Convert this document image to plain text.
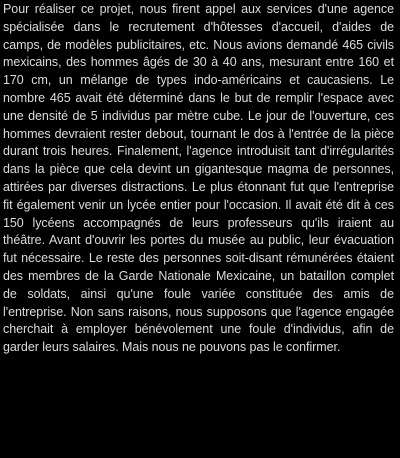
Pour réaliser ce projet, nous firent appel aux services d'une agence spécialisée dans le recrutement d'hôtesses d'accueil, d'aides de camps, de modèles publicitaires, etc. Nous avions demandé 465 civils mexicains, des hommes âgés de 30 à 40 ans, mesurant entre 160 et 170 cm, un mélange de types indo-américains et caucasiens. Le nombre 465 avait été déterminé dans le but de remplir l'espace avec une densité de 5 individus par mètre cube. Le jour de l'ouverture, ces hommes devraient rester debout, tournant le dos à l'entrée de la pièce durant trois heures. Finalement, l'agence introduisit tant d'irrégularités dans la pièce que cela devint un gigantesque magma de personnes, attirées par diverses distractions. Le plus étonnant fut que l'entreprise fit également venir un lycée entier pour l'occasion. Il avait été dit à ces 150 lycéens accompagnés de leurs professeurs qu'ils iraient au théâtre. Avant d'ouvrir les portes du musée au public, leur évacuation fut nécessaire. Le reste des personnes soit-disant rémunérées étaient des membres de la Garde Nationale Mexicaine, un bataillon complet de soldats, ainsi qu'une foule variée constituée des amis de l'entreprise. Non sans raisons, nous supposons que l'agence engagée cherchait à employer bénévolement une foule d'individus, afin de garder leurs salaires. Mais nous ne pouvons pas le confirmer.
